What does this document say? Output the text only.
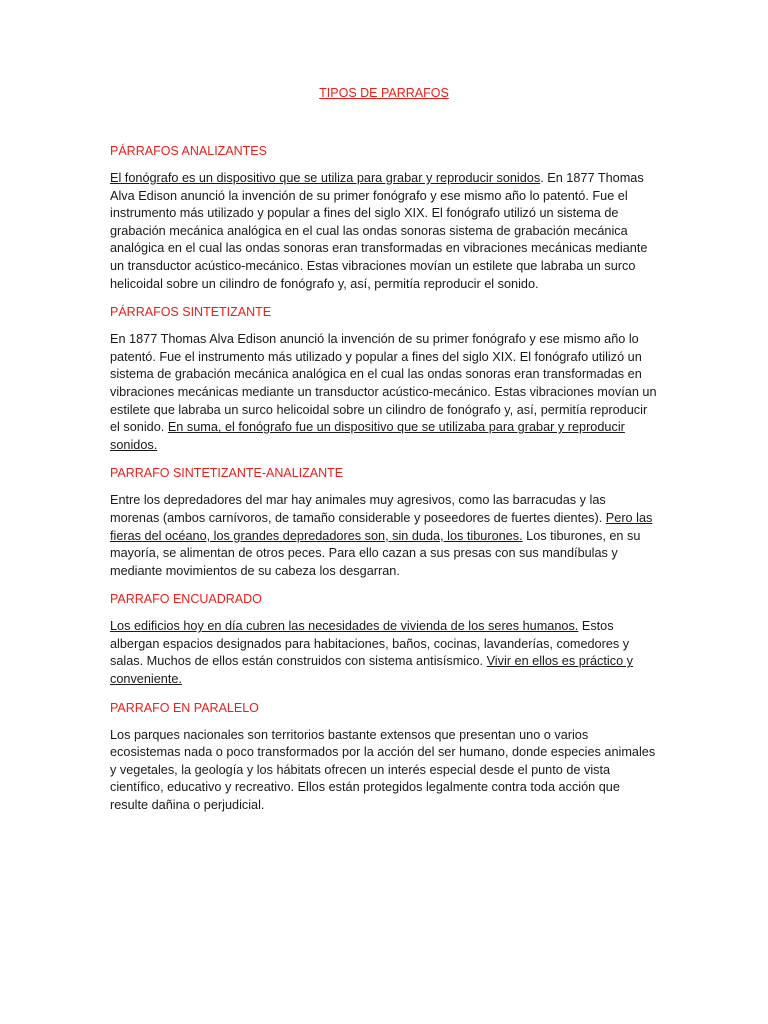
TIPOS DE PARRAFOS
PÁRRAFOS ANALIZANTES

El fonógrafo es un dispositivo que se utiliza para grabar y reproducir sonidos. En 1877 Thomas Alva Edison anunció la invención de su primer fonógrafo y ese mismo año lo patentó. Fue el instrumento más utilizado y popular a fines del siglo XIX. El fonógrafo utilizó un sistema de grabación mecánica analógica en el cual las ondas sonoras sistema de grabación mecánica analógica en el cual las ondas sonoras eran transformadas en vibraciones mecánicas mediante un transductor acústico-mecánico. Estas vibraciones movían un estilete que labraba un surco helicoidal sobre un cilindro de fonógrafo y, así, permitía reproducir el sonido.

PÁRRAFOS SINTETIZANTE

En 1877 Thomas Alva Edison anunció la invención de su primer fonógrafo y ese mismo año lo patentó. Fue el instrumento más utilizado y popular a fines del siglo XIX. El fonógrafo utilizó un sistema de grabación mecánica analógica en el cual las ondas sonoras eran transformadas en vibraciones mecánicas mediante un transductor acústico-mecánico. Estas vibraciones movían un estilete que labraba un surco helicoidal sobre un cilindro de fonógrafo y, así, permitía reproducir el sonido. En suma, el fonógrafo fue un dispositivo que se utilizaba para grabar y reproducir sonidos.

PARRAFO SINTETIZANTE-ANALIZANTE

Entre los depredadores del mar hay animales muy agresivos, como las barracudas y las morenas (ambos carnívoros, de tamaño considerable y poseedores de fuertes dientes). Pero las fieras del océano, los grandes depredadores son, sin duda, los tiburones. Los tiburones, en su mayoría, se alimentan de otros peces. Para ello cazan a sus presas con sus mandíbulas y mediante movimientos de su cabeza los desgarran.

PARRAFO ENCUADRADO

Los edificios hoy en día cubren las necesidades de vivienda de los seres humanos. Estos albergan espacios designados para habitaciones, baños, cocinas, lavanderías, comedores y salas. Muchos de ellos están construidos con sistema antisísmico. Vivir en ellos es práctico y conveniente.

PARRAFO EN PARALELO

Los parques nacionales son territorios bastante extensos que presentan uno o varios ecosistemas nada o poco transformados por la acción del ser humano, donde especies animales y vegetales, la geología y los hábitats ofrecen un interés especial desde el punto de vista científico, educativo y recreativo. Ellos están protegidos legalmente contra toda acción que resulte dañina o perjudicial.
